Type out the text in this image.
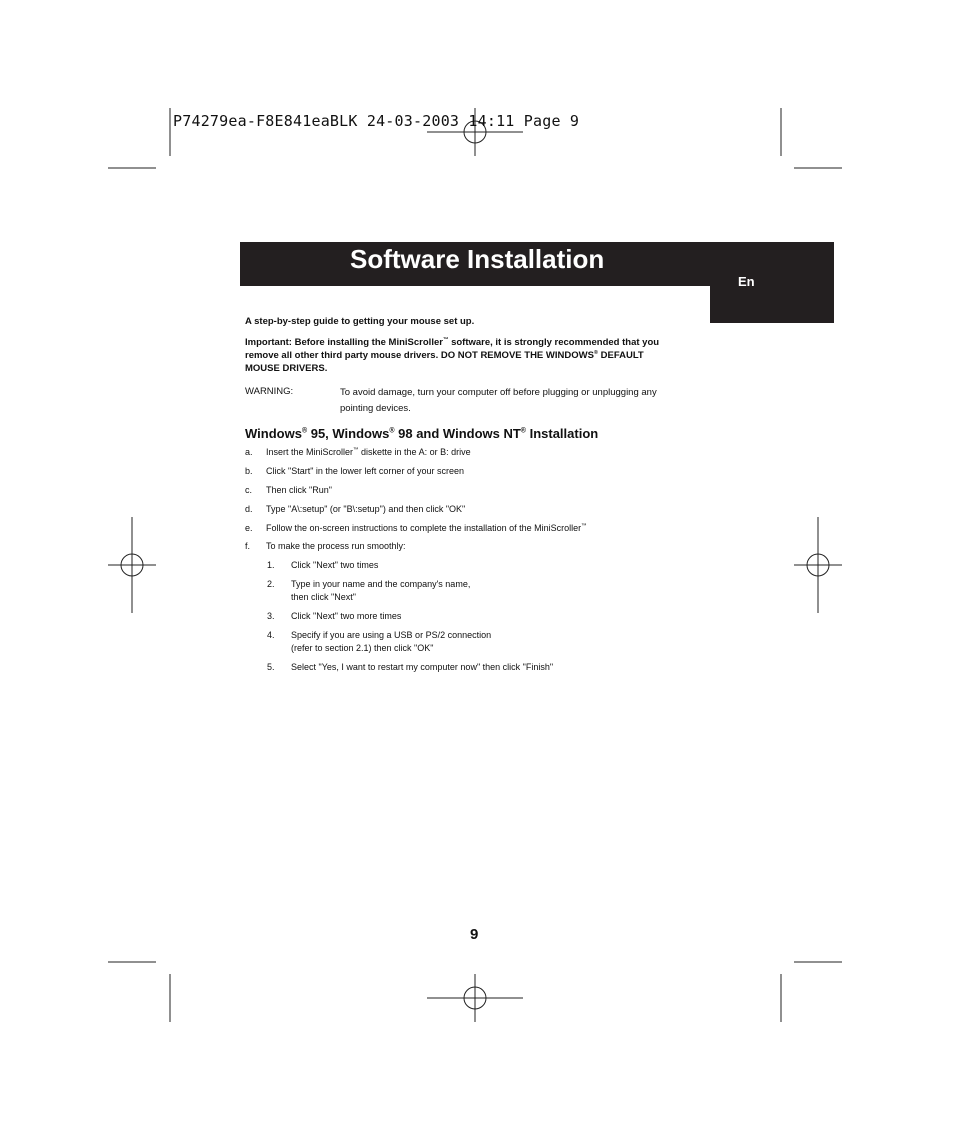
P74279ea-F8E841eaBLK 24-03-2003 14:11 Page 9
Software Installation
En
A step-by-step guide to getting your mouse set up.
Important: Before installing the MiniScroller™ software, it is strongly recommended that you
remove all other third party mouse drivers. DO NOT REMOVE THE WINDOWS® DEFAULT
MOUSE DRIVERS.
WARNING:	To avoid damage, turn your computer off before plugging or unplugging any
pointing devices.
Windows® 95, Windows® 98 and Windows NT® Installation
a. Insert the MiniScroller™ diskette in the A: or B: drive
b. Click "Start" in the lower left corner of your screen
c. Then click "Run"
d. Type "A\:setup" (or "B\:setup") and then click "OK"
e. Follow the on-screen instructions to complete the installation of the MiniScroller™
f. To make the process run smoothly:
1. Click "Next" two times
2. Type in your name and the company's name,
then click "Next"
3. Click "Next" two more times
4. Specify if you are using a USB or PS/2 connection
(refer to section 2.1) then click "OK"
5. Select "Yes, I want to restart my computer now" then click "Finish"
9
